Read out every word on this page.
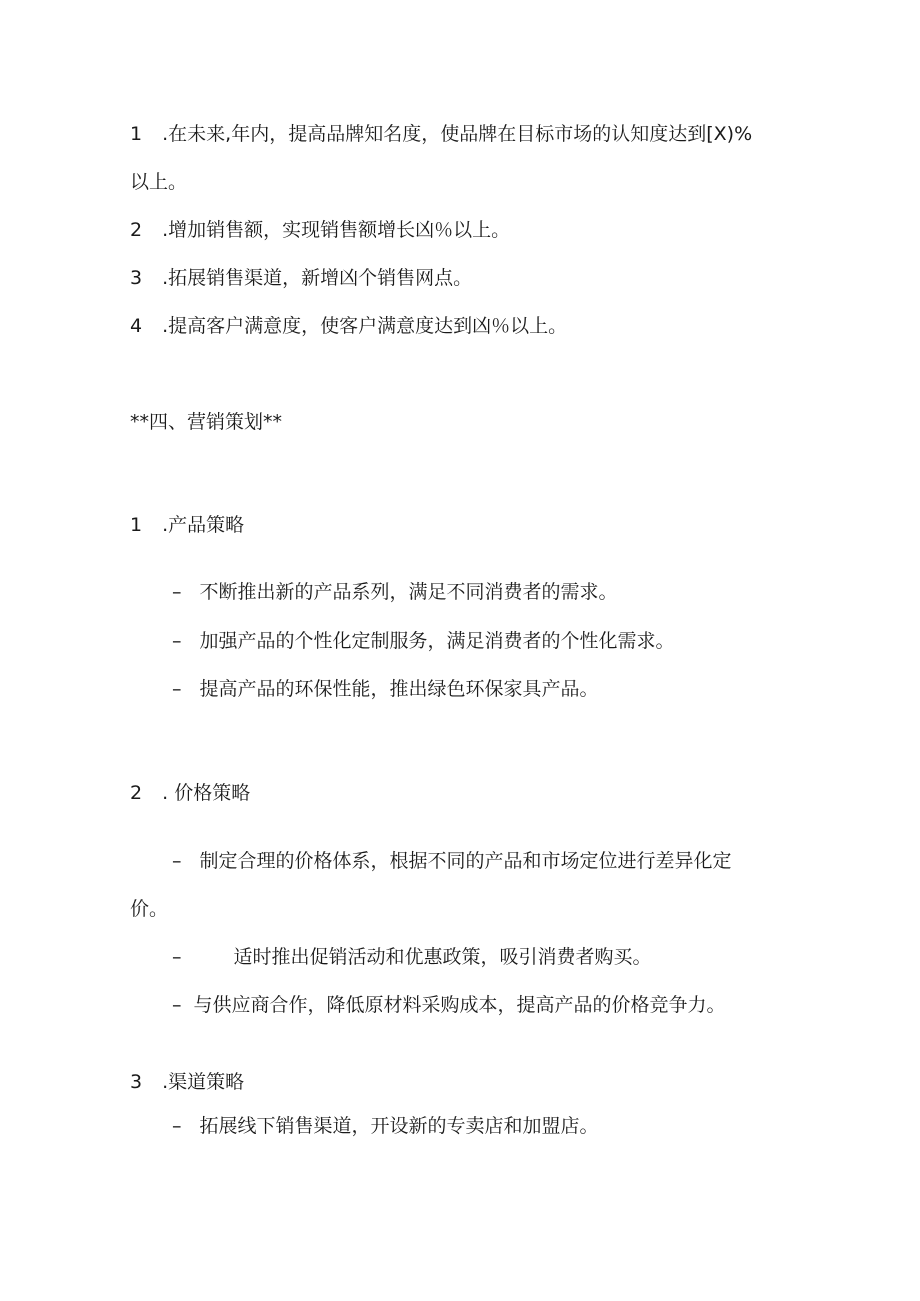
1 .在未来,年内，提高品牌知名度，使品牌在目标市场的认知度达到[X)%
以上。
2 .增加销售额，实现销售额增长凶％以上。
3 .拓展销售渠道，新增凶个销售网点。
4 .提高客户满意度，使客户满意度达到凶％以上。
**四、营销策划**
1 .产品策略
– 不断推出新的产品系列，满足不同消费者的需求。
– 加强产品的个性化定制服务，满足消费者的个性化需求。
– 提高产品的环保性能，推出绿色环保家具产品。
2 . 价格策略
– 制定合理的价格体系，根据不同的产品和市场定位进行差异化定
价。
–	适时推出促销活动和优惠政策，吸引消费者购买。
– 与供应商合作，降低原材料采购成本，提高产品的价格竞争力。
3 .渠道策略
– 拓展线下销售渠道，开设新的专卖店和加盟店。
